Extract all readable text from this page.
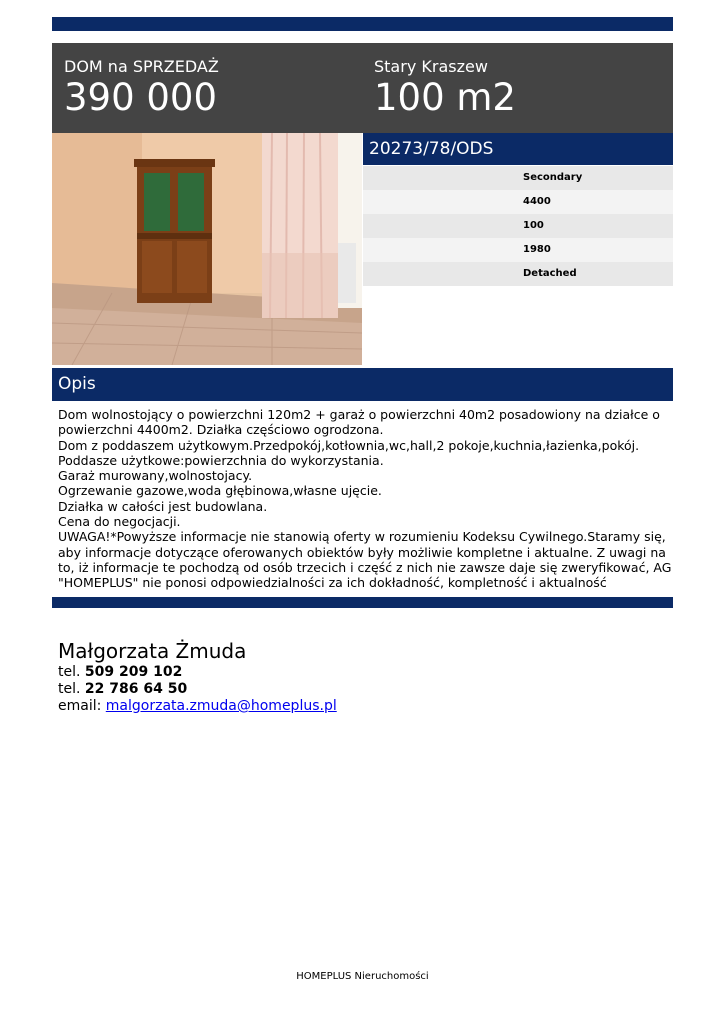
DOM na SPRZEDAŻ
390 000
Stary Kraszew
100 m2
20273/78/ODS
Secondary
4400
100
1980
Detached
Opis
Dom wolnostojący o powierzchni 120m2 + garaż o powierzchni 40m2 posadowiony na działce o
powierzchni 4400m2. Działka częściowo ogrodzona.
Dom z poddaszem użytkowym.Przedpokój,kotłownia,wc,hall,2 pokoje,kuchnia,łazienka,pokój.
Poddasze użytkowe:powierzchnia do wykorzystania.
Garaż murowany,wolnostojacy.
Ogrzewanie gazowe,woda głębinowa,własne ujęcie.
Działka w całości jest budowlana.
Cena do negocjacji.
UWAGA!*Powyższe informacje nie stanowią oferty w rozumieniu Kodeksu Cywilnego.Staramy się,
aby informacje dotyczące oferowanych obiektów były możliwie kompletne i aktualne. Z uwagi na
to, iż informacje te pochodzą od osób trzecich i część z nich nie zawsze daje się zweryfikować, AG
"HOMEPLUS" nie ponosi odpowiedzialności za ich dokładność, kompletność i aktualność
Małgorzata Żmuda
tel. 509 209 102
tel. 22 786 64 50
email: malgorzata.zmuda@homeplus.pl
HOMEPLUS Nieruchomości
